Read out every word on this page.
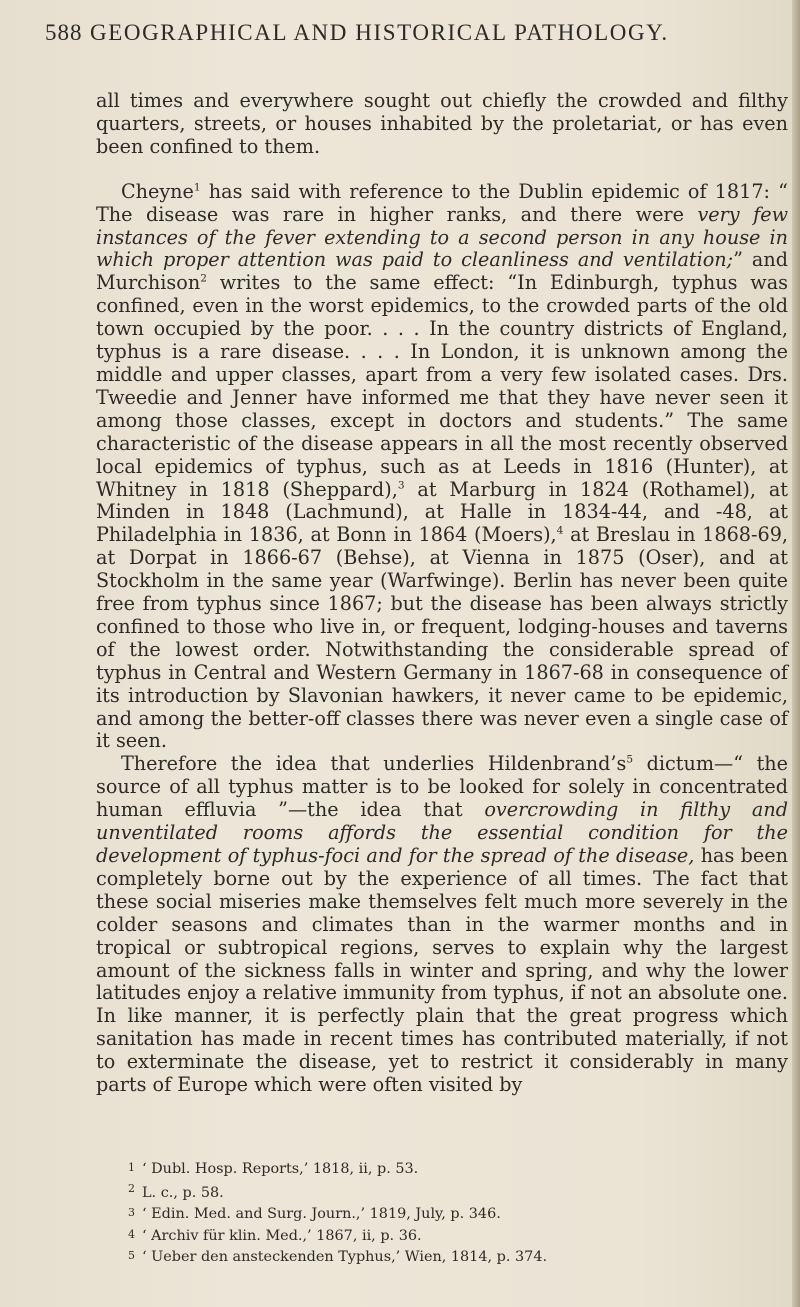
588 GEOGRAPHICAL AND HISTORICAL PATHOLOGY.

all times and everywhere sought out chiefly the crowded and filthy quarters, streets, or houses inhabited by the proletariat, or has even been confined to them.

Cheyne$^1$ has said with reference to the Dublin epidemic of 1817: “ The disease was rare in higher ranks, and there were very few instances of the fever extending to a second person in any house in which proper attention was paid to cleanliness and ventilation;” and Murchison$^2$ writes to the same effect: “In Edinburgh, typhus was confined, even in the worst epidemics, to the crowded parts of the old town occupied by the poor. . . . In the country districts of England, typhus is a rare disease. . . . In London, it is unknown among the middle and upper classes, apart from a very few isolated cases. Drs. Tweedie and Jenner have informed me that they have never seen it among those classes, except in doctors and students.” The same characteristic of the disease appears in all the most recently observed local epidemics of typhus, such as at Leeds in 1816 (Hunter), at Whitney in 1818 (Sheppard),$^3$ at Marburg in 1824 (Rothamel), at Minden in 1848 (Lachmund), at Halle in 1834-44, and -48, at Philadelphia in 1836, at Bonn in 1864 (Moers),$^4$ at Breslau in 1868-69, at Dorpat in 1866-67 (Behse), at Vienna in 1875 (Oser), and at Stockholm in the same year (Warfwinge). Berlin has never been quite free from typhus since 1867; but the disease has been always strictly confined to those who live in, or frequent, lodging-houses and taverns of the lowest order. Notwithstanding the considerable spread of typhus in Central and Western Germany in 1867-68 in consequence of its introduction by Slavonian hawkers, it never came to be epidemic, and among the better-off classes there was never even a single case of it seen.

Therefore the idea that underlies $Hildenbrand’s^5$ dictum—“ the source of all typhus matter is to be looked for solely in concentrated human effluvia ”—the idea that overcrowding in filthy and unventilated rooms affords the essential condition for the development of typhus-foci and for the spread of the disease, has been completely borne out by the experience of all times. The fact that these social miseries make themselves felt much more severely in the colder seasons and climates than in the warmer months and in tropical or subtropical regions, serves to explain why the largest amount of the sickness falls in winter and spring, and why the lower latitudes enjoy a relative immunity from typhus, if not an absolute one. In like manner, it is perfectly plain that the great progress which sanitation has made in recent times has contributed materially, if not to exterminate the disease, yet to restrict it considerably in many parts of Europe which were often visited by

1 ‘ Dubl. Hosp. Reports,’ 1818, ii, p. 53.
2 L. c., p. 58.
3 ‘ Edin. Med. and Surg. Journ.,’ 1819, July, p. 346.
4 ‘ Archiv für klin. Med.,’ 1867, ii, p. 36.
5 ‘ Ueber den ansteckenden Typhus,’ Wien, 1814, p. 374.
